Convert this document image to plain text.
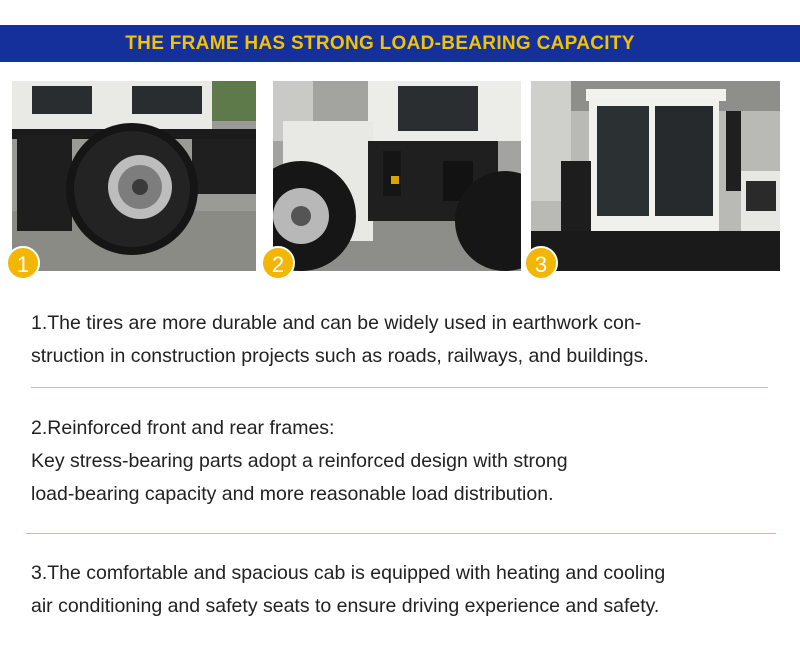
THE FRAME HAS STRONG LOAD-BEARING CAPACITY
1	2	3
1.The tires are more durable and can be widely used in earthwork con-
struction in construction projects such as roads, railways, and buildings.
2.Reinforced front and rear frames:
Key stress-bearing parts adopt a reinforced design with strong
load-bearing capacity and more reasonable load distribution.
3.The comfortable and spacious cab is equipped with heating and cooling
air conditioning and safety seats to ensure driving experience and safety.
